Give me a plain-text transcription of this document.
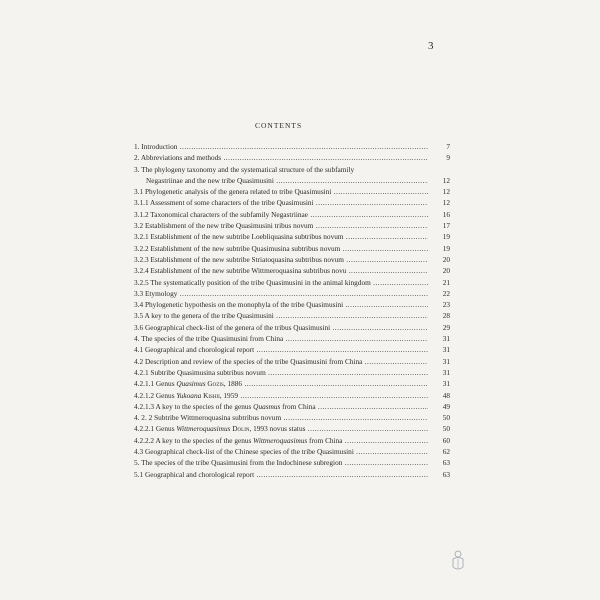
3
CONTENTS
1. Introduction .....	7
2. Abbreviations and methods .....	9
3. The phylogeny taxonomy and the systematical structure of the subfamily
Negastriinae and the new tribe Quasimusini .....	12
3.1 Phylogenetic analysis of the genera related to tribe Quasimusini .....	12
3.1.1 Assessment of some characters of the tribe Quasimusini .....	12
3.1.2 Taxonomical characters of the subfamily Negastriinae .....	16
3.2 Establishment of the new tribe Quasimusini tribus novum .....	17
3.2.1 Establishment of the new subtribe Loebliquasina subtribus novum .....	19
3.2.2 Establishment of the new subtribe Quasimusina subtribus novum .....	19
3.2.3 Establishment of the new subtribe Striatoquasina subtribus novum .....	20
3.2.4 Establishment of the new subtribe Wittmeroquasina subtribus novu .....	20
3.2.5 The systematically position of the tribe Quasimusini in the animal kingdom .....	21
3.3 Etymology .....	22
3.4 Phylogenetic hypothesis on the monophyla of the tribe Quasimusini .....	23
3.5 A key to the genera of the tribe Quasimusini .....	28
3.6 Geographical check-list of the genera of the tribus Quasimusini .....	29
4. The species of the tribe Quasimusini from China .....	31
4.1 Geographical and chorological report .....	31
4.2 Description and review of the species of the tribe Quasimusini from China .....	31
4.2.1 Subtribe Quasimusina subtribus novum .....	31
4.2.1.1 Genus Quasimus Gozis, 1886 .....	31
4.2.1.2 Genus Yukoana Kishii, 1959 .....	48
4.2.1.3 A key to the species of the genus Quasmus from China .....	49
4. 2. 2 Subtribe Wittmeroquasina subtribus novum .....	50
4.2.2.1 Genus Wittmeroquasimus Dolin, 1993 novus status .....	50
4.2.2.2 A key to the species of the genus Wittmeroquasimus from China .....	60
4.3 Geographical check-list of the Chinese species of the tribe Quasimusini .....	62
5. The species of the tribe Quasimusini from the Indochinese subregion .....	63
5.1 Geographical and chorological report .....	63
